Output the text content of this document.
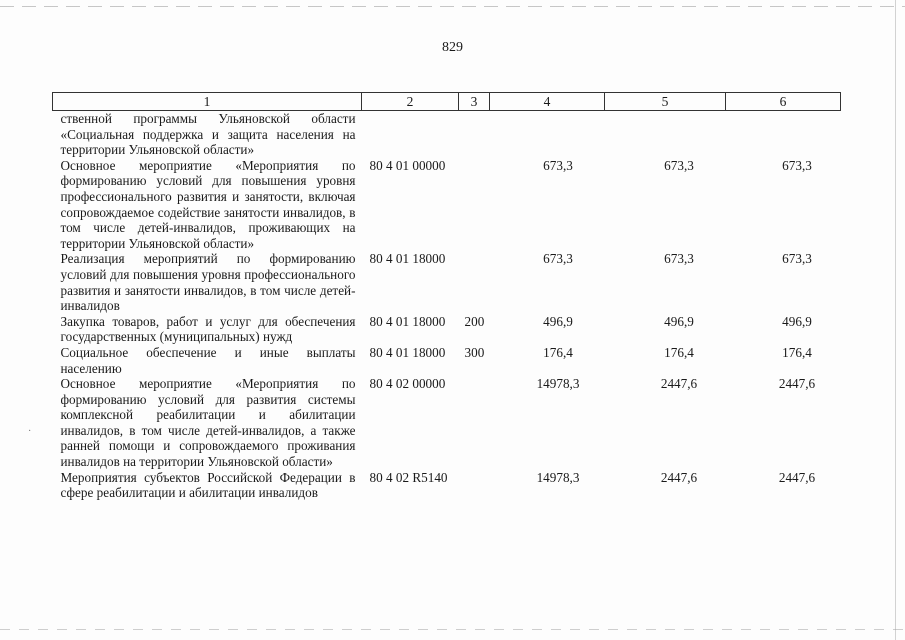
·
829
1	2	3	4	5	6
ственной программы Ульяновской области «Социальная поддержка и защита населения на территории Ульяновской области»					
Основное мероприятие «Мероприятия по формированию условий для повышения уровня профессионального развития и занятости, включая сопровождаемое содействие занятости инвалидов, в том числе детей-инвалидов, проживающих на территории Ульяновской области»	80 4 01 00000		673,3	673,3	673,3
Реализация мероприятий по формированию условий для повышения уровня профессионального развития и занятости инвалидов, в том числе детей-инвалидов	80 4 01 18000		673,3	673,3	673,3
Закупка товаров, работ и услуг для обеспечения государственных (муниципальных) нужд	80 4 01 18000	200	496,9	496,9	496,9
Социальное обеспечение и иные выплаты населению	80 4 01 18000	300	176,4	176,4	176,4
Основное мероприятие «Мероприятия по формированию условий для развития системы комплексной реабилитации и абилитации инвалидов, в том числе детей-инвалидов, а также ранней помощи и сопровождаемого проживания инвалидов на территории Ульяновской области»	80 4 02 00000		14978,3	2447,6	2447,6
Мероприятия субъектов Российской Федерации в сфере реабилитации и абилитации инвалидов	80 4 02 R5140		14978,3	2447,6	2447,6
